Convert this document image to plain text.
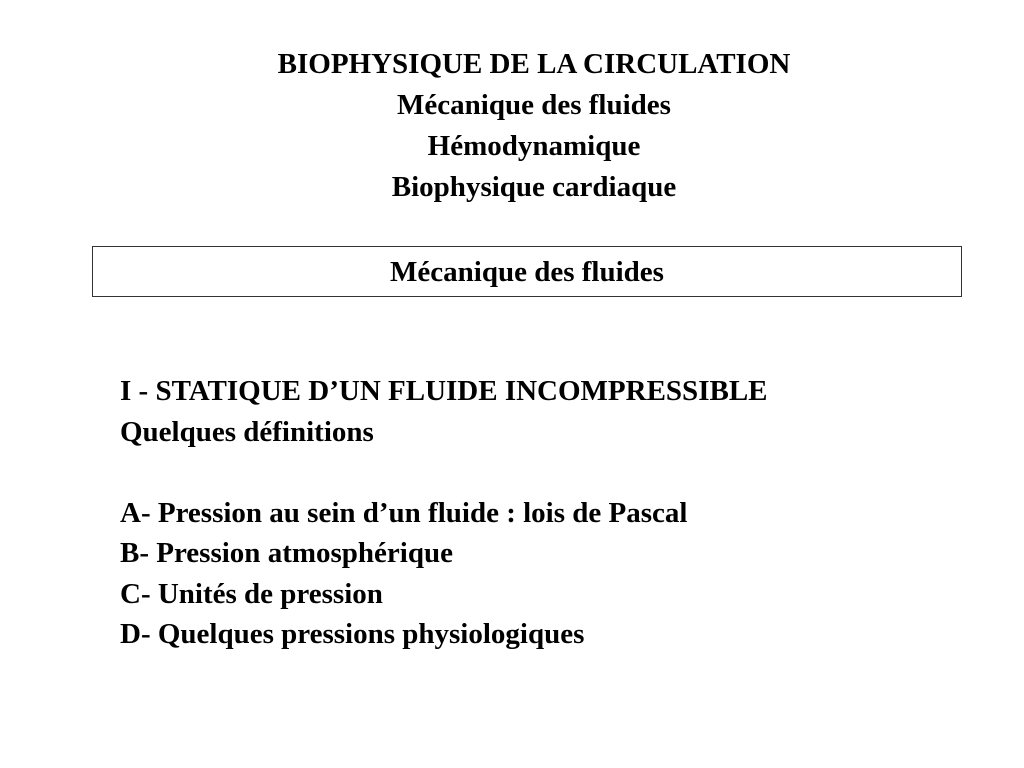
BIOPHYSIQUE DE LA CIRCULATION
Mécanique des fluides
Hémodynamique
Biophysique cardiaque
Mécanique des fluides
I - STATIQUE D’UN FLUIDE INCOMPRESSIBLE
Quelques définitions
A- Pression au sein d’un fluide : lois de Pascal
B- Pression atmosphérique
C- Unités de pression
D- Quelques pressions physiologiques
